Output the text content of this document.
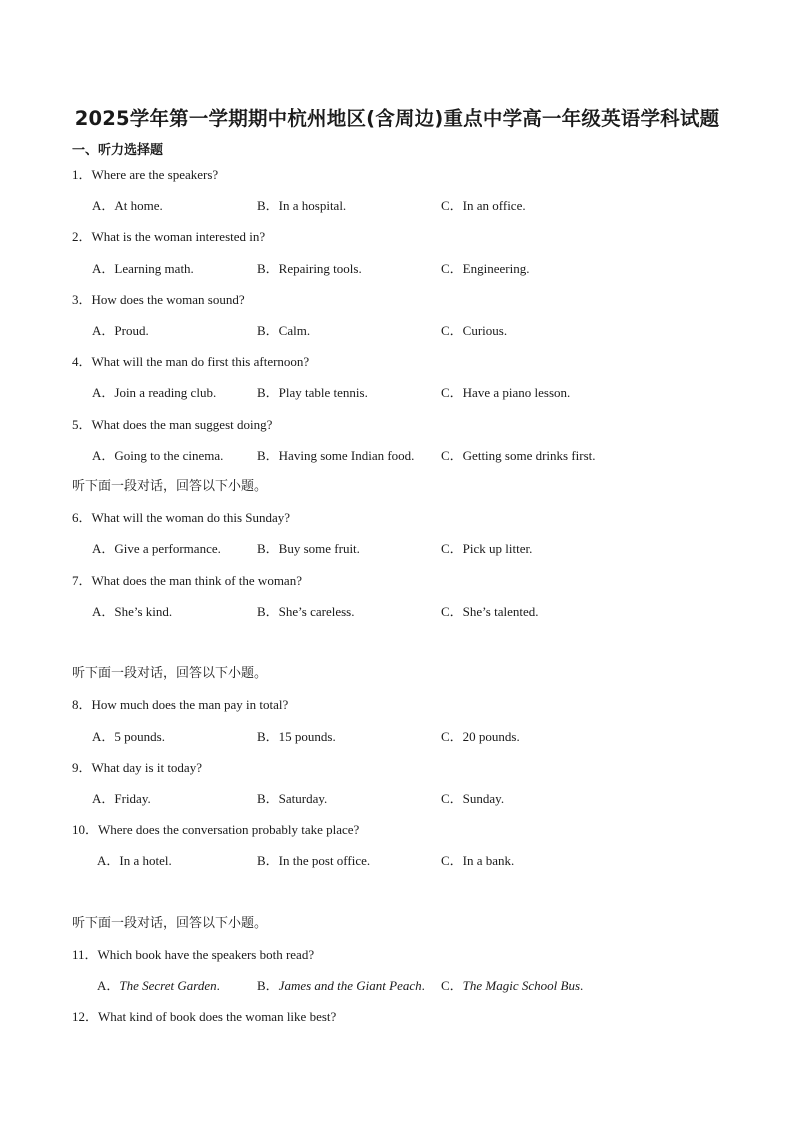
2025学年第一学期期中杭州地区(含周边)重点中学高一年级英语学科试题
一、听力选择题
1．Where are the speakers?
A．At home.	B．In a hospital.	C．In an office.
2．What is the woman interested in?
A．Learning math.	B．Repairing tools.	C．Engineering.
3．How does the woman sound?
A．Proud.	B．Calm.	C．Curious.
4．What will the man do first this afternoon?
A．Join a reading club.	B．Play table tennis.	C．Have a piano lesson.
5．What does the man suggest doing?
A．Going to the cinema.	B．Having some Indian food. C．Getting some drinks first.
听下面一段对话，回答以下小题。
6．What will the woman do this Sunday?
A．Give a performance.	B．Buy some fruit.	C．Pick up litter.
7．What does the man think of the woman?
A．She’s kind.	B．She’s careless.	C．She’s talented.
听下面一段对话，回答以下小题。
8．How much does the man pay in total?
A．5 pounds.	B．15 pounds.	C．20 pounds.
9．What day is it today?
A．Friday.	B．Saturday.	C．Sunday.
10．Where does the conversation probably take place?
A．In a hotel.	B．In the post office.	C．In a bank.
听下面一段对话，回答以下小题。
11．Which book have the speakers both read?
A．The Secret Garden.	B．James and the Giant Peach. C．The Magic School Bus.
12．What kind of book does the woman like best?
